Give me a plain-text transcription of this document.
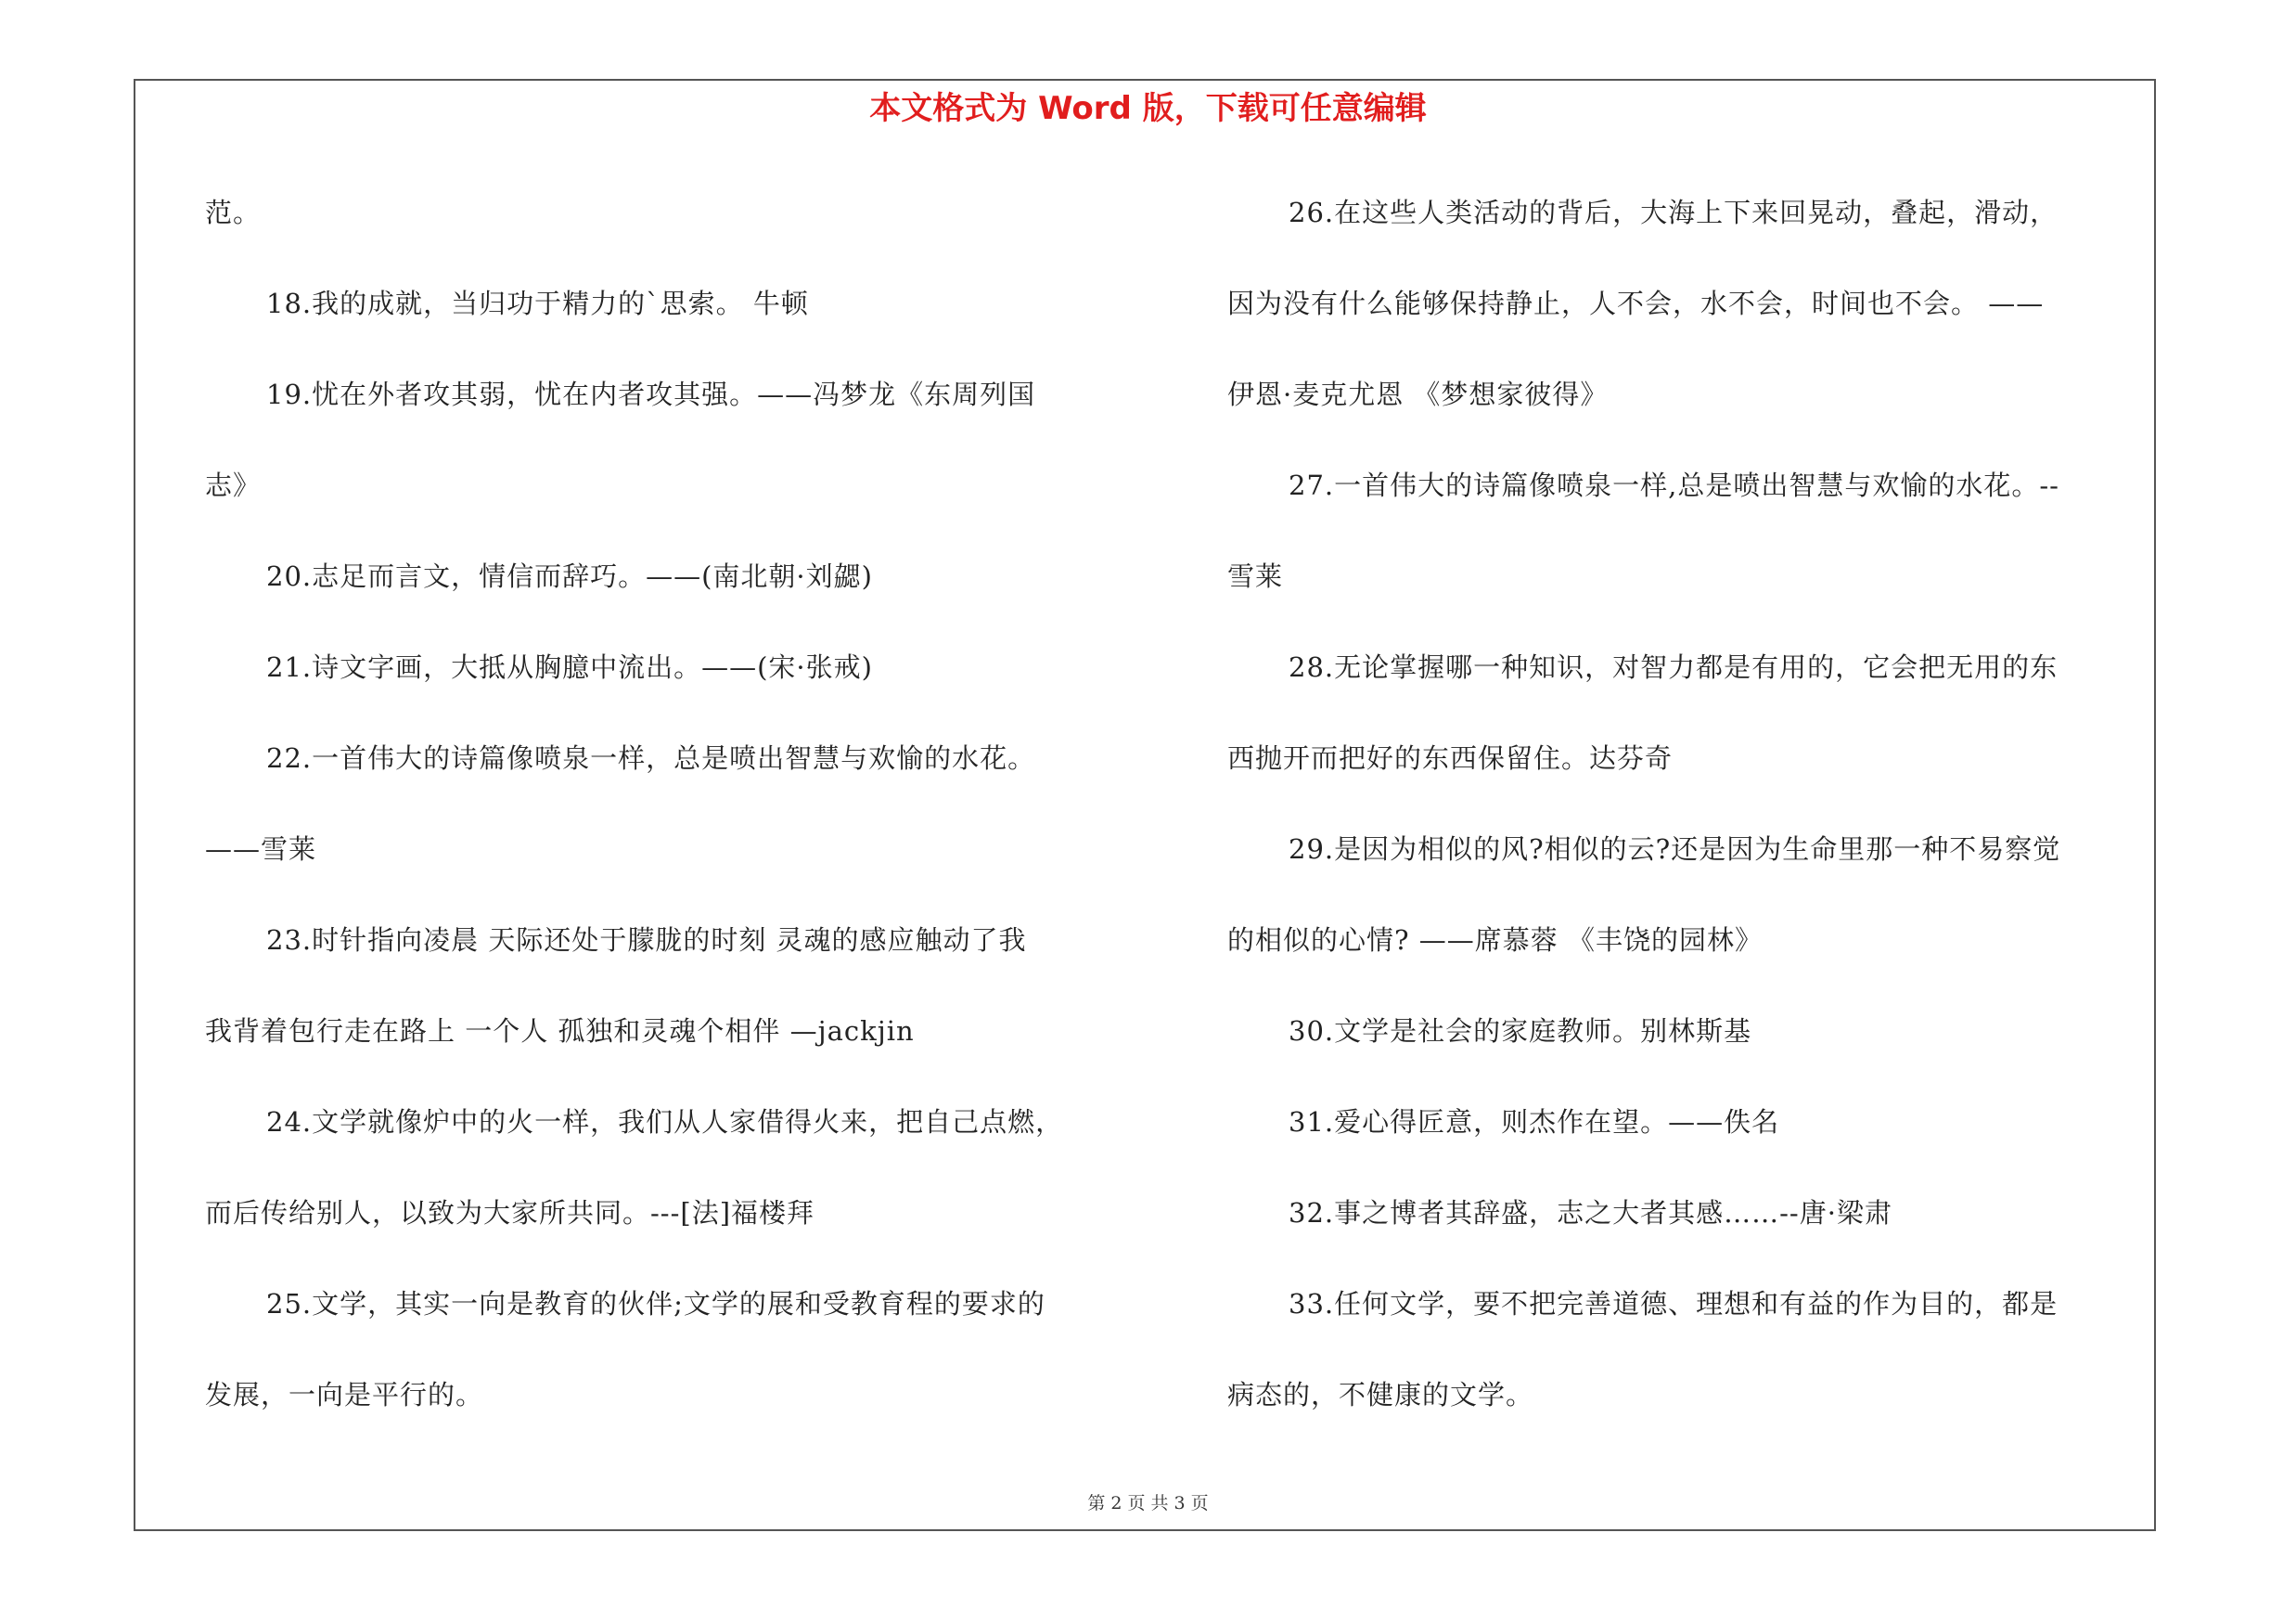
本文格式为 Word 版，下载可任意编辑
范。
18.我的成就，当归功于精力的`思索。 牛顿
19.忧在外者攻其弱，忧在内者攻其强。——冯梦龙《东周列国
志》
20.志足而言文，情信而辞巧。——(南北朝·刘勰)
21.诗文字画，大抵从胸臆中流出。——(宋·张戒)
22.一首伟大的诗篇像喷泉一样，总是喷出智慧与欢愉的水花。
——雪莱
23.时针指向凌晨 天际还处于朦胧的时刻 灵魂的感应触动了我
我背着包行走在路上 一个人 孤独和灵魂个相伴 —jackjin
24.文学就像炉中的火一样，我们从人家借得火来，把自己点燃，
而后传给别人，以致为大家所共同。---[法]福楼拜
25.文学，其实一向是教育的伙伴;文学的展和受教育程的要求的
发展，一向是平行的。
26.在这些人类活动的背后，大海上下来回晃动，叠起，滑动，
因为没有什么能够保持静止，人不会，水不会，时间也不会。 ——
伊恩·麦克尤恩 《梦想家彼得》
27.一首伟大的诗篇像喷泉一样,总是喷出智慧与欢愉的水花。--
雪莱
28.无论掌握哪一种知识，对智力都是有用的，它会把无用的东
西抛开而把好的东西保留住。达芬奇
29.是因为相似的风?相似的云?还是因为生命里那一种不易察觉
的相似的心情? ——席慕蓉 《丰饶的园林》
30.文学是社会的家庭教师。别林斯基
31.爱心得匠意，则杰作在望。——佚名
32.事之博者其辞盛，志之大者其感……--唐·梁肃
33.任何文学，要不把完善道德、理想和有益的作为目的，都是
病态的，不健康的文学。
第 2 页 共 3 页
